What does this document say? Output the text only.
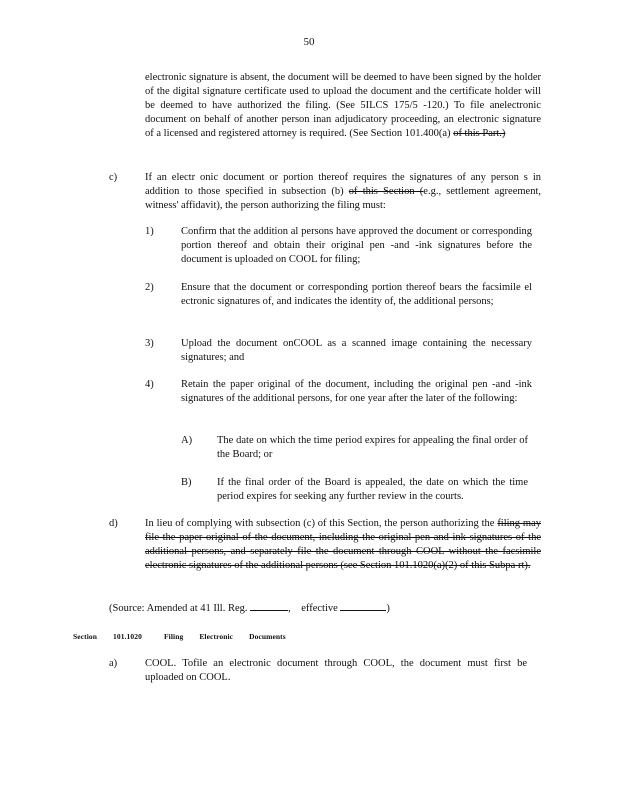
50

electronic signature is absent, the document will be deemed to have been signed by the holder of the digital signature certificate used to upload the document and the certificate holder will be deemed to have authorized the filing. (See 5ILCS 175/5 -120.) To file anelectronic document on behalf of another person inan adjudicatory proceeding, an electronic signature of a licensed and registered attorney is required. (See Section 101.400(a) of this Part.)

c)	If an electr onic document or portion thereof requires the signatures of any person s in addition to those specified in subsection (b) of this Section (e.g., settlement agreement, witness' affidavit), the person authorizing the filing must:

1)	Confirm that the addition al persons have approved the document or corresponding portion thereof and obtain their original pen -and -ink signatures before the document is uploaded on COOL for filing;

2)	Ensure that the document or corresponding portion thereof bears the facsimile el ectronic signatures of, and indicates the identity of, the additional persons;

3)	Upload the document onCOOL as a scanned image containing the necessary signatures; and

4)	Retain the paper original of the document, including the original pen -and -ink signatures of the additional persons, for one year after the later of the following:

A) The date on which the time period expires for appealing the final order of the Board; or

B) If the final order of the Board is appealed, the date on which the time period expires for seeking any further review in the courts.

d)	In lieu of complying with subsection (c) of this Section, the person authorizing the filing may file the paper original of the document, including the original pen and ink signatures of the additional persons, and separately file the document through COOL without the facsimile electronic signatures of the additional persons (see Section 101.1020(a)(2) of this Subpa rt).

(Source: Amended at 41 Ill. Reg.	, effective	)
Section 101.1020	Filing Electronic Documents
a)	COOL. Tofile an electronic document through COOL, the document must first be uploaded on COOL.
